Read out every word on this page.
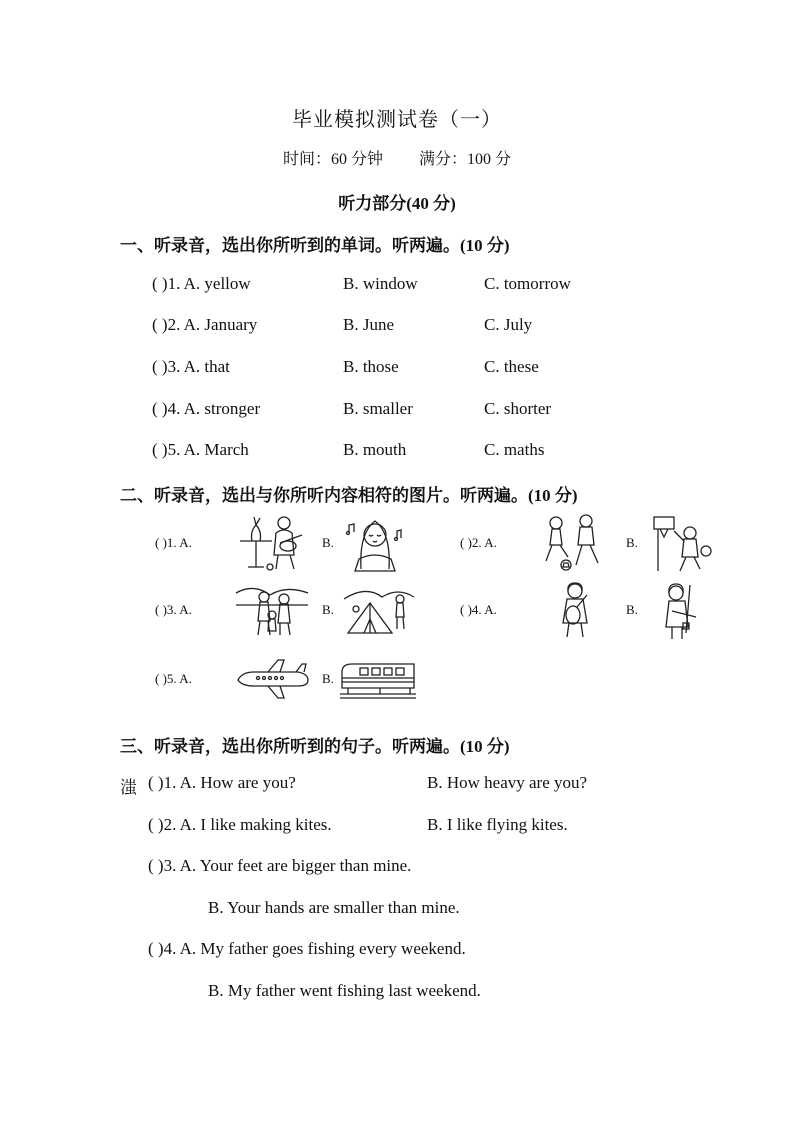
毕业模拟测试卷（一）
时间：60 分钟 满分：100 分
听力部分(40 分)
一、听录音，选出你所听到的单词。听两遍。(10 分)
( )1. A. yellow	B. window	C. tomorrow
( )2. A. January	B. June	C. July
( )3. A. that	B. those	C. these
( )4. A. stronger	B. smaller	C. shorter
( )5. A. March	B. mouth	C. maths
二、听录音，选出与你所听内容相符的图片。听两遍。(10 分)
( )1. A.	B.	( )2. A.	B.
( )3. A.	B.	( )4. A.	B.
( )5. A.	B.
三、听录音，选出你所听到的句子。听两遍。(10 分)
滍 ( )1. A. How are you?	B. How heavy are you?
( )2. A. I like making kites.	B. I like flying kites.
( )3. A. Your feet are bigger than mine.
B. Your hands are smaller than mine.
( )4. A. My father goes fishing every weekend.
B. My father went fishing last weekend.
